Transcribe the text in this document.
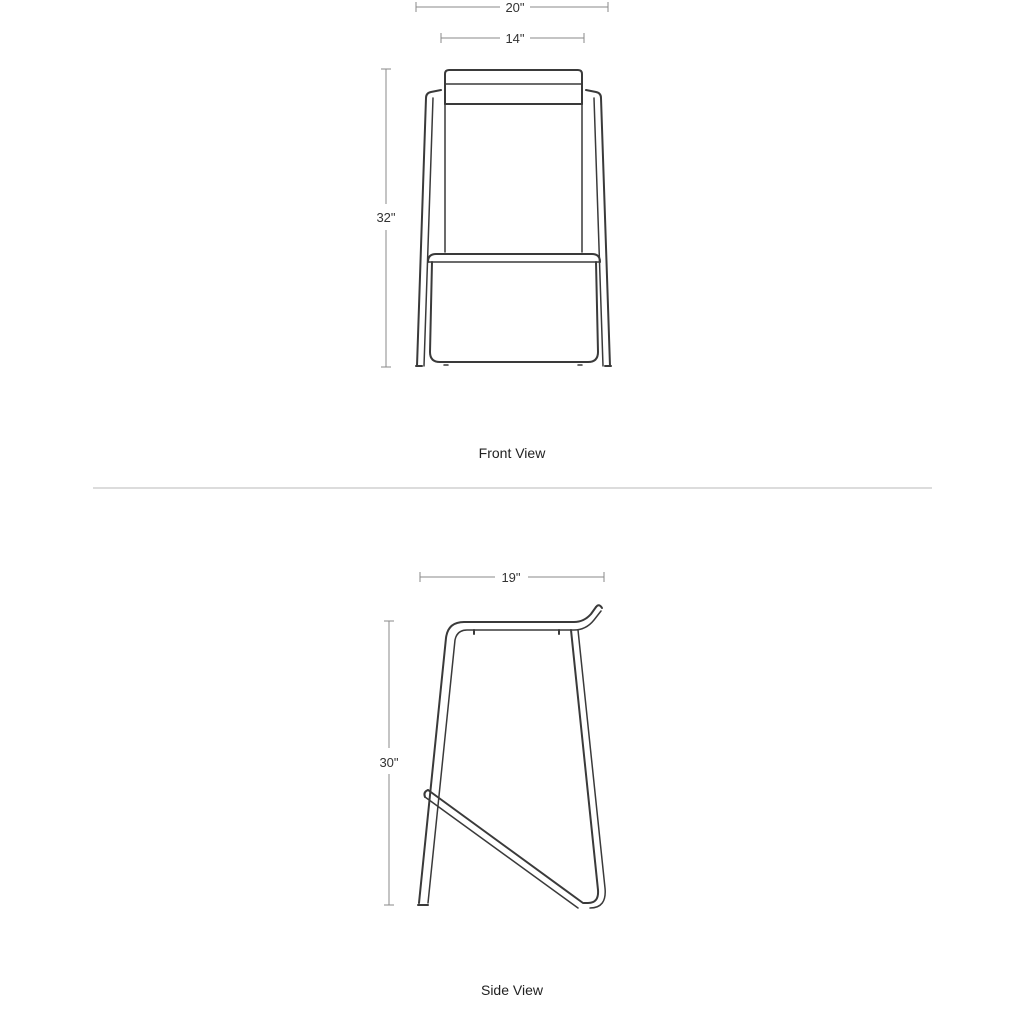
20"
14"
32"
Front View
19"
30"
Side View
